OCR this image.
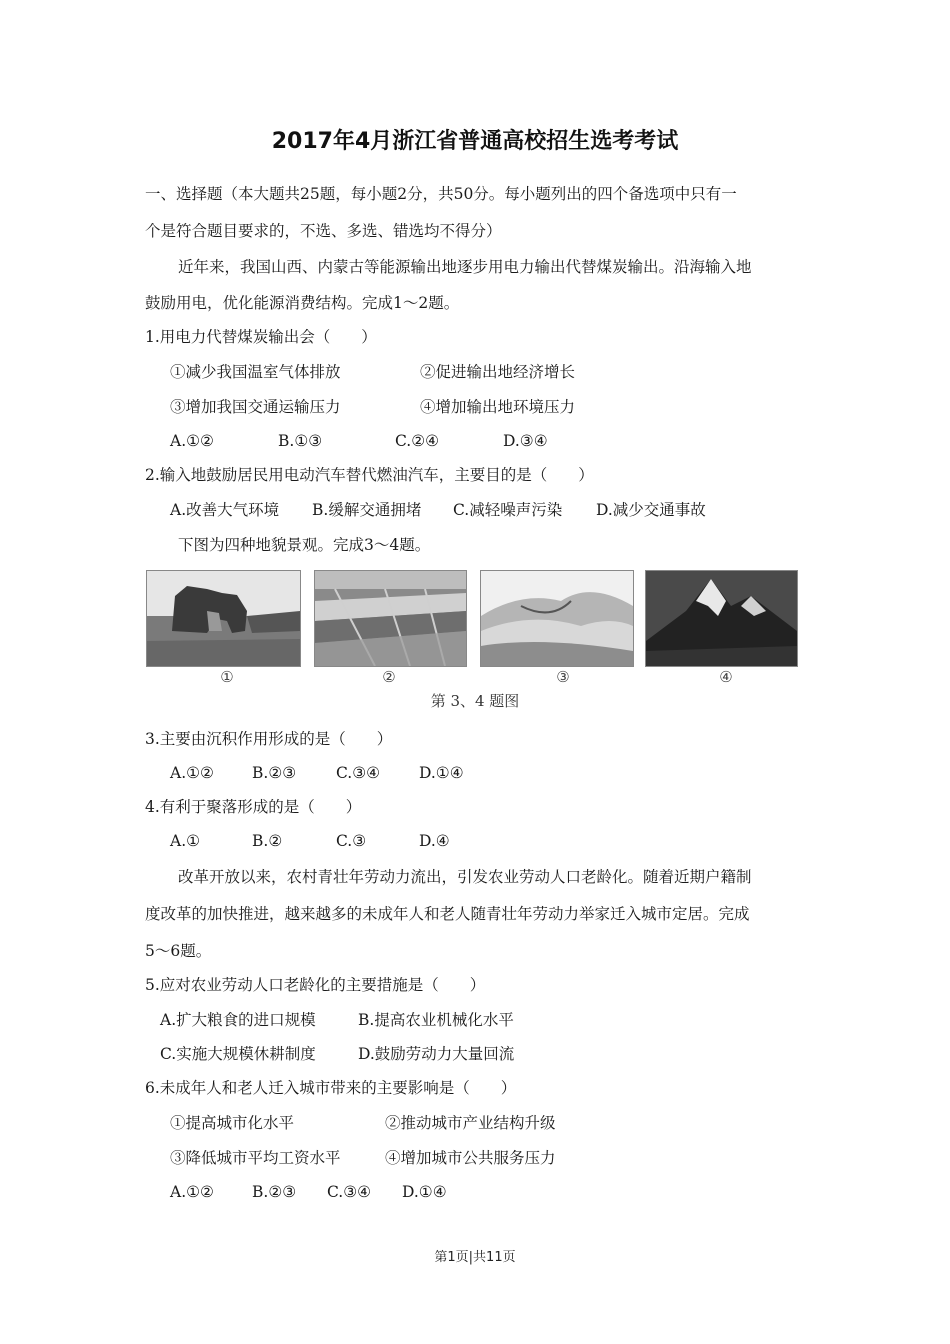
2017年4月浙江省普通高校招生选考考试
一、选择题（本大题共25题，每小题2分，共50分。每小题列出的四个备选项中只有一
个是符合题目要求的，不选、多选、错选均不得分）
近年来，我国山西、内蒙古等能源输出地逐步用电力输出代替煤炭输出。沿海输入地
鼓励用电，优化能源消费结构。完成1～2题。
1.用电力代替煤炭输出会（　　）
①减少我国温室气体排放	②促进输出地经济增长
③增加我国交通运输压力	④增加输出地环境压力
A.①②	B.①③	C.②④	D.③④
2.输入地鼓励居民用电动汽车替代燃油汽车，主要目的是（　　）
A.改善大气环境 B.缓解交通拥堵 C.减轻噪声污染 D.减少交通事故
下图为四种地貌景观。完成3～4题。
①	②	③	④
第 3、4 题图
3.主要由沉积作用形成的是（　　）
A.①② B.②③	C.③④	D.①④
4.有利于聚落形成的是（　　）
A.①	B.②	C.③	D.④
改革开放以来，农村青壮年劳动力流出，引发农业劳动人口老龄化。随着近期户籍制
度改革的加快推进，越来越多的未成年人和老人随青壮年劳动力举家迁入城市定居。完成
5～6题。
5.应对农业劳动人口老龄化的主要措施是（　　）
A.扩大粮食的进口规模	B.提高农业机械化水平
C.实施大规模休耕制度	D.鼓励劳动力大量回流
6.未成年人和老人迁入城市带来的主要影响是（　　）
①提高城市化水平	②推动城市产业结构升级
③降低城市平均工资水平	④增加城市公共服务压力
A.①② B.②③ C.③④ D.①④
第1页|共11页
